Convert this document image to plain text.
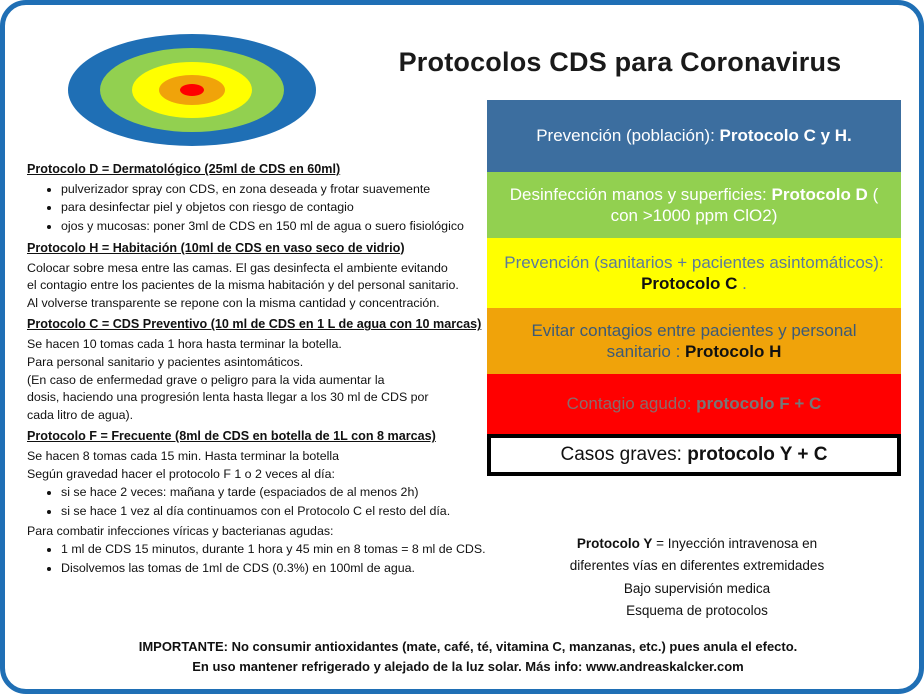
Protocolos CDS para Coronavirus
Protocolo D = Dermatológico (25ml de CDS en 60ml)
• pulverizador spray con CDS, en zona deseada y frotar suavemente
• para desinfectar piel y objetos con riesgo de contagio
• ojos y mucosas: poner 3ml de CDS en 150 ml de agua o suero fisiológico
Protocolo H = Habitación (10ml de CDS en vaso seco de vidrio)
Colocar sobre mesa entre las camas. El gas desinfecta el ambiente evitando
el contagio entre los pacientes de la misma habitación y del personal sanitario.
Al volverse transparente se repone con la misma cantidad y concentración.
Protocolo C = CDS Preventivo (10 ml de CDS en 1 L de agua con 10 marcas)
Se hacen 10 tomas cada 1 hora hasta terminar la botella.
Para personal sanitario y pacientes asintomáticos.
(En caso de enfermedad grave o peligro para la vida aumentar la
dosis, haciendo una progresión lenta hasta llegar a los 30 ml de CDS por
cada litro de agua).
Protocolo F = Frecuente (8ml de CDS en botella de 1L con 8 marcas)
Se hacen 8 tomas cada 15 min. Hasta terminar la botella
Según gravedad hacer el protocolo F 1 o 2 veces al día:
• si se hace 2 veces: mañana y tarde (espaciados de al menos 2h)
• si se hace 1 vez al día continuamos con el Protocolo C el resto del día.
Para combatir infecciones víricas y bacterianas agudas:
• 1 ml de CDS 15 minutos, durante 1 hora y 45 min en 8 tomas = 8 ml de CDS.
• Disolvemos las tomas de 1ml de CDS (0.3%) en 100ml de agua.
Prevención (población): Protocolo C y H.
Desinfección manos y superficies: Protocolo D ( con >1000 ppm ClO2)
Prevención (sanitarios + pacientes asintomáticos): Protocolo C .
Evitar contagios entre pacientes y personal sanitario : Protocolo H
Contagio agudo: protocolo F + C
Casos graves: protocolo Y + C
Protocolo Y = Inyección intravenosa en
diferentes vías en diferentes extremidades
Bajo supervisión medica
Esquema de protocolos
IMPORTANTE: No consumir antioxidantes (mate, café, té, vitamina C, manzanas, etc.) pues anula el efecto.
En uso mantener refrigerado y alejado de la luz solar. Más info: www.andreaskalcker.com
